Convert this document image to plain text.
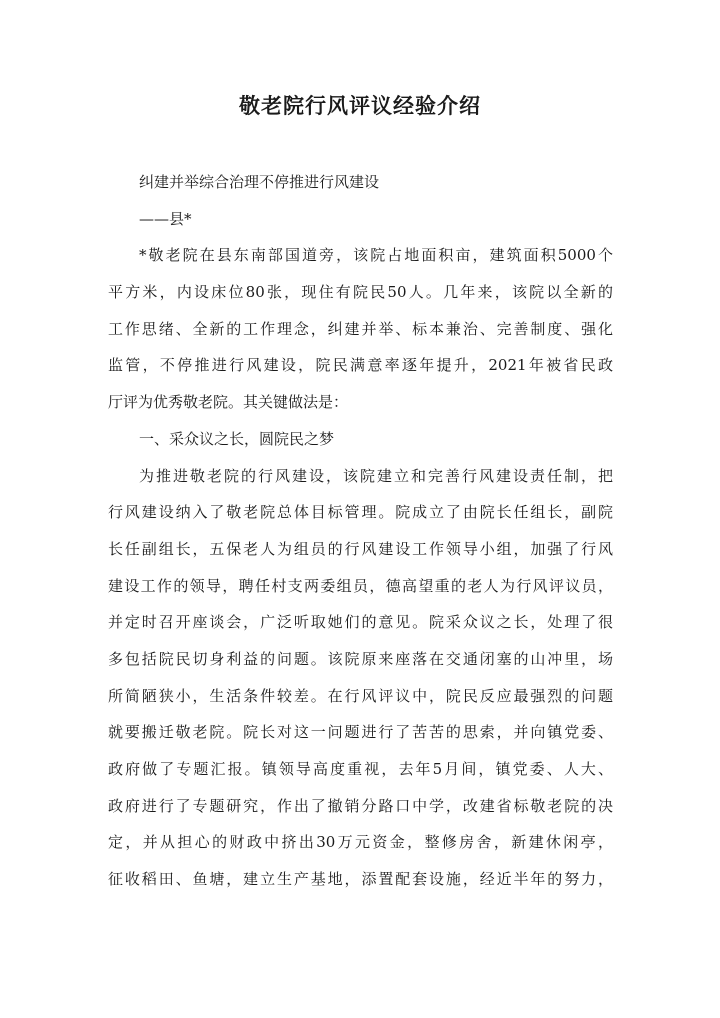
敬老院行风评议经验介绍
纠建并举综合治理不停推进行风建设
——县*
*敬老院在县东南部国道旁，该院占地面积亩，建筑面积5000个
平方米，内设床位80张，现住有院民50人。几年来，该院以全新的
工作思绪、全新的工作理念，纠建并举、标本兼治、完善制度、强化
监管，不停推进行风建设，院民满意率逐年提升，2021年被省民政
厅评为优秀敬老院。其关键做法是：
一、采众议之长，圆院民之梦
为推进敬老院的行风建设，该院建立和完善行风建设责任制，把
行风建设纳入了敬老院总体目标管理。院成立了由院长任组长，副院
长任副组长，五保老人为组员的行风建设工作领导小组，加强了行风
建设工作的领导，聘任村支两委组员，德高望重的老人为行风评议员，
并定时召开座谈会，广泛听取她们的意见。院采众议之长，处理了很
多包括院民切身利益的问题。该院原来座落在交通闭塞的山冲里，场
所简陋狭小，生活条件较差。在行风评议中，院民反应最强烈的问题
就要搬迁敬老院。院长对这一问题进行了苦苦的思索，并向镇党委、
政府做了专题汇报。镇领导高度重视，去年5月间，镇党委、人大、
政府进行了专题研究，作出了撤销分路口中学，改建省标敬老院的决
定，并从担心的财政中挤出30万元资金，整修房舍，新建休闲亭，
征收稻田、鱼塘，建立生产基地，添置配套设施，经近半年的努力，
